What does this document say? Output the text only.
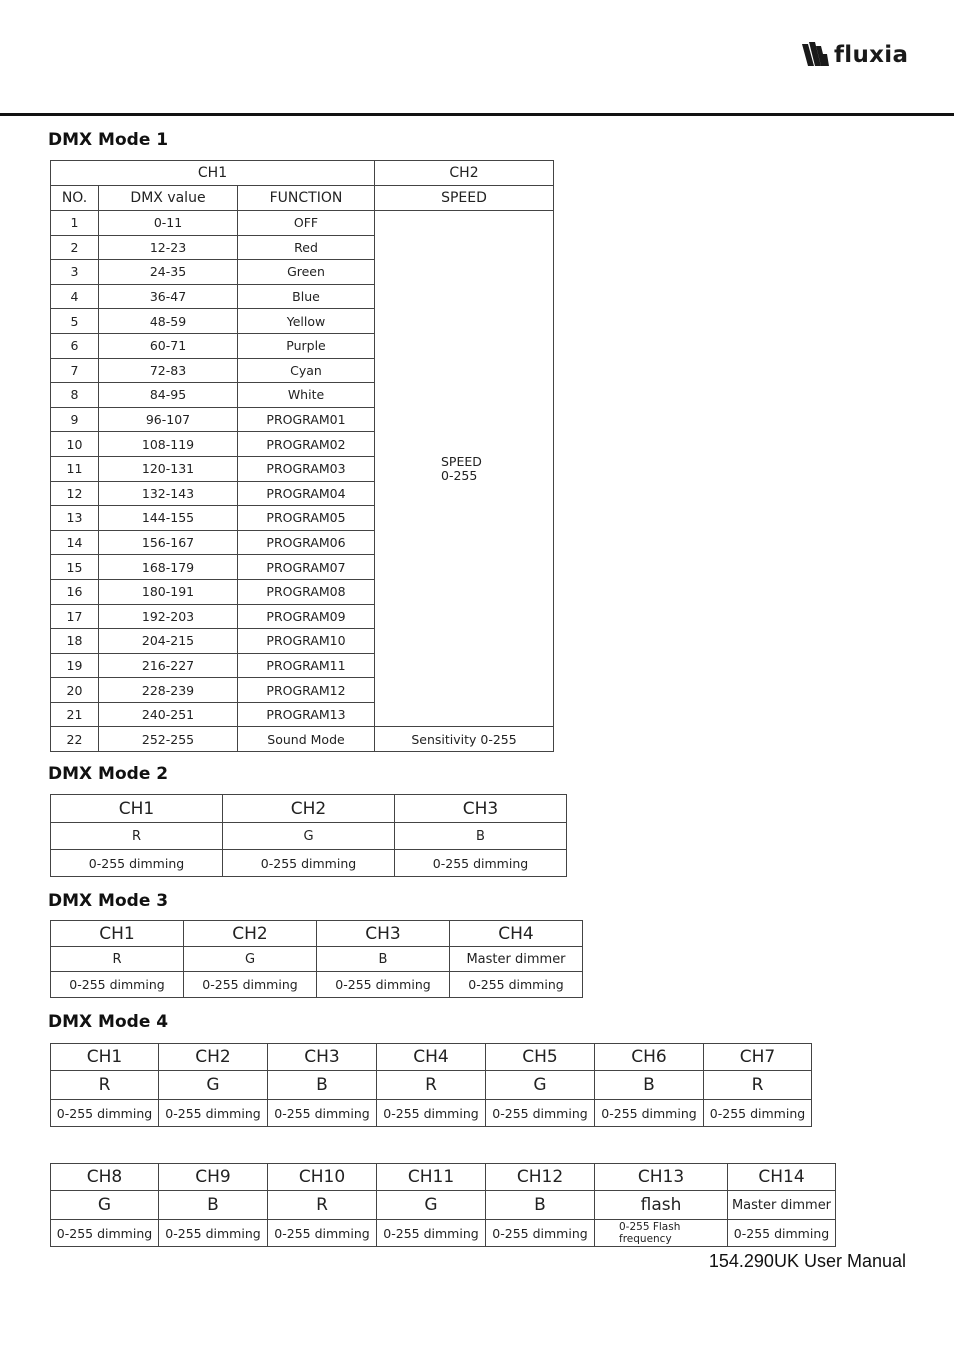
fluxia
DMX Mode 1
CH1			CH2
NO.	DMX value	FUNCTION	SPEED
1	0-11	OFF	SPEED
0-255

2	12-23	Red	
3	24-35	Green	
4	36-47	Blue	
5	48-59	Yellow	
6	60-71	Purple	
7	72-83	Cyan	
8	84-95	White	
9	96-107	PROGRAM01	
10	108-119	PROGRAM02	
11	120-131	PROGRAM03	
12	132-143	PROGRAM04	
13	144-155	PROGRAM05	
14	156-167	PROGRAM06	
15	168-179	PROGRAM07	
16	180-191	PROGRAM08	
17	192-203	PROGRAM09	
18	204-215	PROGRAM10	
19	216-227	PROGRAM11	
20	228-239	PROGRAM12	
21	240-251	PROGRAM13	
22	252-255	Sound Mode	Sensitivity 0-255
DMX Mode 2
CH1	CH2	CH3
R	G	B
0-255 dimming	0-255 dimming	0-255 dimming
DMX Mode 3
CH1	CH2	CH3	CH4
R	G	B	Master dimmer
0-255 dimming	0-255 dimming	0-255 dimming	0-255 dimming
DMX Mode 4
CH1	CH2	CH3	CH4	CH5	CH6	CH7
R	G	B	R	G	B	R
0-255 dimming	0-255 dimming	0-255 dimming	0-255 dimming	0-255 dimming	0-255 dimming	0-255 dimming
CH8	CH9	CH10	CH11	CH12	CH13	CH14
G	B	R	G	B	flash	Master dimmer
0-255 dimming	0-255 dimming	0-255 dimming	0-255 dimming	0-255 dimming	0-255 Flash frequency	0-255 dimming
154.290UK User Manual
